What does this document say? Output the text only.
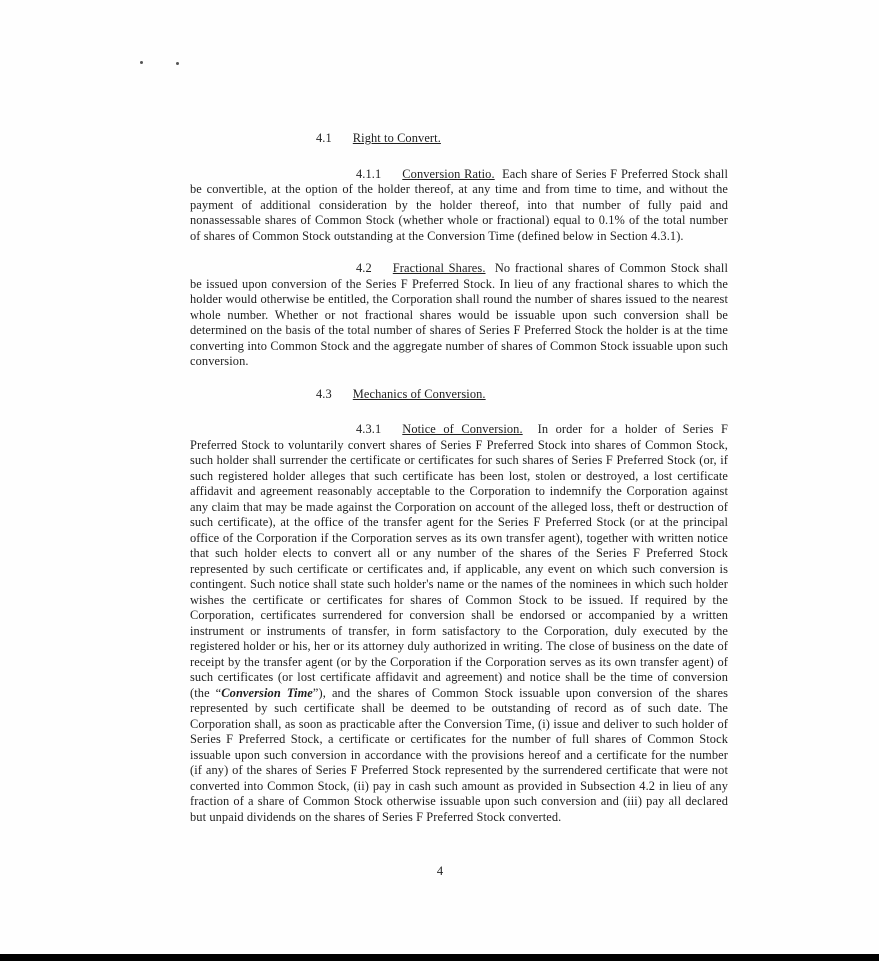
4.1 Right to Convert.

4.1.1 Conversion Ratio. Each share of Series F Preferred Stock shall be convertible, at the option of the holder thereof, at any time and from time to time, and without the payment of additional consideration by the holder thereof, into that number of fully paid and nonassessable shares of Common Stock (whether whole or fractional) equal to 0.1% of the total number of shares of Common Stock outstanding at the Conversion Time (defined below in Section 4.3.1).

4.2 Fractional Shares. No fractional shares of Common Stock shall be issued upon conversion of the Series F Preferred Stock. In lieu of any fractional shares to which the holder would otherwise be entitled, the Corporation shall round the number of shares issued to the nearest whole number. Whether or not fractional shares would be issuable upon such conversion shall be determined on the basis of the total number of shares of Series F Preferred Stock the holder is at the time converting into Common Stock and the aggregate number of shares of Common Stock issuable upon such conversion.

4.3 Mechanics of Conversion.

4.3.1 Notice of Conversion. In order for a holder of Series F Preferred Stock to voluntarily convert shares of Series F Preferred Stock into shares of Common Stock, such holder shall surrender the certificate or certificates for such shares of Series F Preferred Stock (or, if such registered holder alleges that such certificate has been lost, stolen or destroyed, a lost certificate affidavit and agreement reasonably acceptable to the Corporation to indemnify the Corporation against any claim that may be made against the Corporation on account of the alleged loss, theft or destruction of such certificate), at the office of the transfer agent for the Series F Preferred Stock (or at the principal office of the Corporation if the Corporation serves as its own transfer agent), together with written notice that such holder elects to convert all or any number of the shares of the Series F Preferred Stock represented by such certificate or certificates and, if applicable, any event on which such conversion is contingent. Such notice shall state such holder's name or the names of the nominees in which such holder wishes the certificate or certificates for shares of Common Stock to be issued. If required by the Corporation, certificates surrendered for conversion shall be endorsed or accompanied by a written instrument or instruments of transfer, in form satisfactory to the Corporation, duly executed by the registered holder or his, her or its attorney duly authorized in writing. The close of business on the date of receipt by the transfer agent (or by the Corporation if the Corporation serves as its own transfer agent) of such certificates (or lost certificate affidavit and agreement) and notice shall be the time of conversion (the “Conversion Time”), and the shares of Common Stock issuable upon conversion of the shares represented by such certificate shall be deemed to be outstanding of record as of such date. The Corporation shall, as soon as practicable after the Conversion Time, (i) issue and deliver to such holder of Series F Preferred Stock, a certificate or certificates for the number of full shares of Common Stock issuable upon such conversion in accordance with the provisions hereof and a certificate for the number (if any) of the shares of Series F Preferred Stock represented by the surrendered certificate that were not converted into Common Stock, (ii) pay in cash such amount as provided in Subsection 4.2 in lieu of any fraction of a share of Common Stock otherwise issuable upon such conversion and (iii) pay all declared but unpaid dividends on the shares of Series F Preferred Stock converted.

4
